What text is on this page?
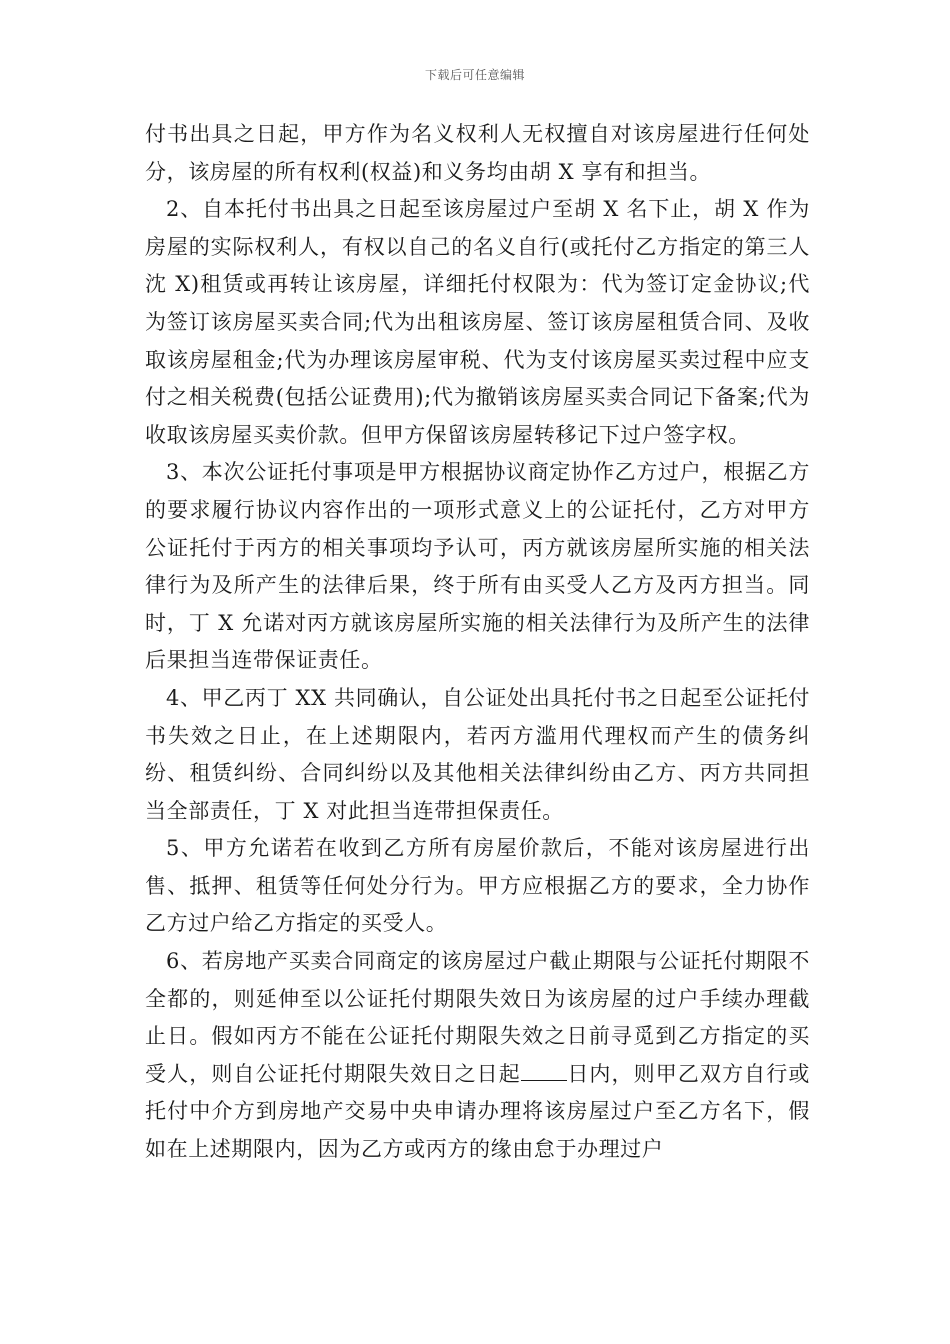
下载后可任意编辑

付书出具之日起，甲方作为名义权利人无权擅自对该房屋进行任何处分，该房屋的所有权利(权益)和义务均由胡 X 享有和担当。

2、自本托付书出具之日起至该房屋过户至胡 X 名下止，胡 X 作为房屋的实际权利人，有权以自己的名义自行(或托付乙方指定的第三人沈 X)租赁或再转让该房屋，详细托付权限为：代为签订定金协议;代为签订该房屋买卖合同;代为出租该房屋、签订该房屋租赁合同、及收取该房屋租金;代为办理该房屋审税、代为支付该房屋买卖过程中应支付之相关税费(包括公证费用);代为撤销该房屋买卖合同记下备案;代为收取该房屋买卖价款。但甲方保留该房屋转移记下过户签字权。

3、本次公证托付事项是甲方根据协议商定协作乙方过户，根据乙方的要求履行协议内容作出的一项形式意义上的公证托付，乙方对甲方公证托付于丙方的相关事项均予认可，丙方就该房屋所实施的相关法律行为及所产生的法律后果，终于所有由买受人乙方及丙方担当。同时，丁 X 允诺对丙方就该房屋所实施的相关法律行为及所产生的法律后果担当连带保证责任。

4、甲乙丙丁 XX 共同确认，自公证处出具托付书之日起至公证托付书失效之日止，在上述期限内，若丙方滥用代理权而产生的债务纠纷、租赁纠纷、合同纠纷以及其他相关法律纠纷由乙方、丙方共同担当全部责任，丁 X 对此担当连带担保责任。

5、甲方允诺若在收到乙方所有房屋价款后，不能对该房屋进行出售、抵押、租赁等任何处分行为。甲方应根据乙方的要求，全力协作乙方过户给乙方指定的买受人。

6、若房地产买卖合同商定的该房屋过户截止期限与公证托付期限不全都的，则延伸至以公证托付期限失效日为该房屋的过户手续办理截止日。假如丙方不能在公证托付期限失效之日前寻觅到乙方指定的买受人，则自公证托付期限失效日之日起 日内，则甲乙双方自行或托付中介方到房地产交易中央申请办理将该房屋过户至乙方名下，假如在上述期限内，因为乙方或丙方的缘由怠于办理过户
